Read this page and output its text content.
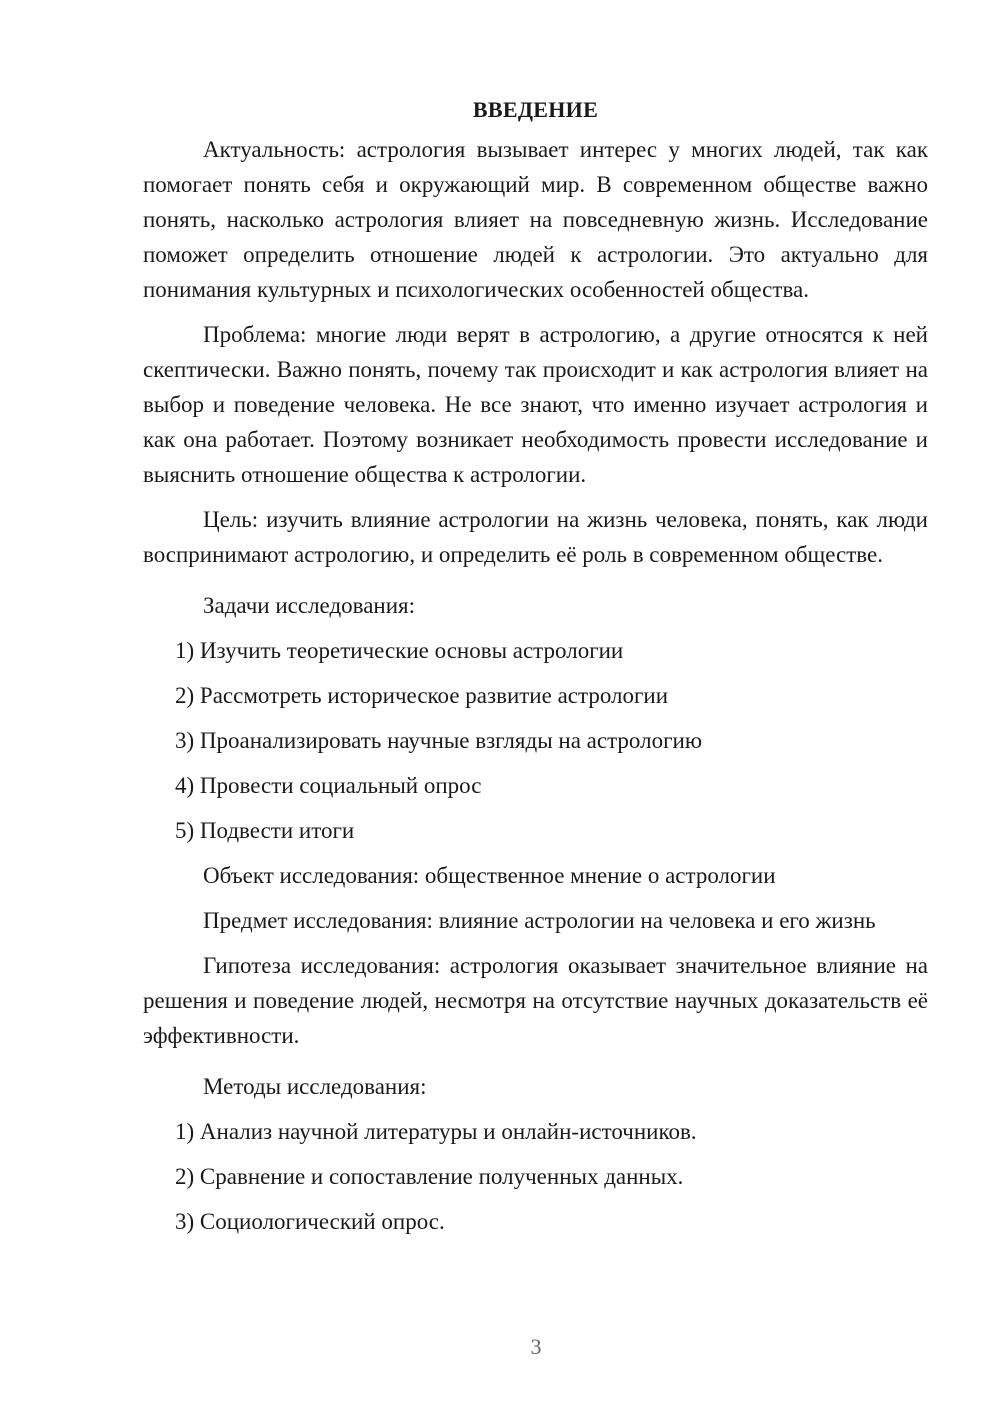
ВВЕДЕНИЕ

Актуальность: астрология вызывает интерес у многих людей, так как помогает понять себя и окружающий мир. В современном обществе важно понять, насколько астрология влияет на повседневную жизнь. Исследование поможет определить отношение людей к астрологии. Это актуально для понимания культурных и психологических особенностей общества.

Проблема: многие люди верят в астрологию, а другие относятся к ней скептически. Важно понять, почему так происходит и как астрология влияет на выбор и поведение человека. Не все знают, что именно изучает астрология и как она работает. Поэтому возникает необходимость провести исследование и выяснить отношение общества к астрологии.

Цель: изучить влияние астрологии на жизнь человека, понять, как люди воспринимают астрологию, и определить её роль в современном обществе.

Задачи исследования:

1) Изучить теоретические основы астрологии

2) Рассмотреть историческое развитие астрологии

3) Проанализировать научные взгляды на астрологию

4) Провести социальный опрос

5) Подвести итоги

Объект исследования: общественное мнение о астрологии

Предмет исследования: влияние астрологии на человека и его жизнь

Гипотеза исследования: астрология оказывает значительное влияние на решения и поведение людей, несмотря на отсутствие научных доказательств её эффективности.

Методы исследования:

1) Анализ научной литературы и онлайн-источников.

2) Сравнение и сопоставление полученных данных.

3) Социологический опрос.

3
